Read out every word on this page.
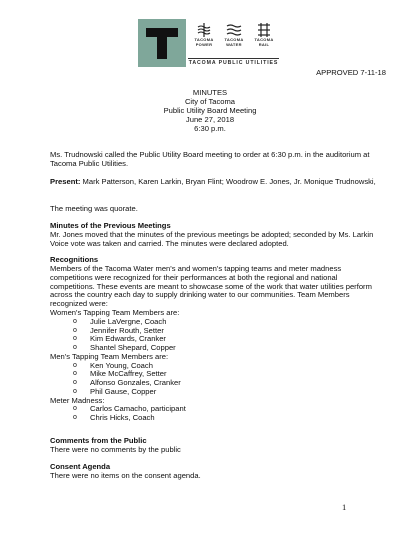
TACOMA
POWER
TACOMA
WATER
TACOMA
RAIL
TACOMA PUBLIC UTILITIES
APPROVED 7-11-18
MINUTES
City of Tacoma
Public Utility Board Meeting
June 27, 2018
6:30 p.m.
Ms. Trudnowski called the Public Utility Board meeting to order at 6:30 p.m. in the auditorium at Tacoma Public Utilities.
Present: Mark Patterson, Karen Larkin, Bryan Flint; Woodrow E. Jones, Jr. Monique Trudnowski,
The meeting was quorate.
Minutes of the Previous Meetings
Mr. Jones moved that the minutes of the previous meetings be adopted; seconded by Ms. Larkin Voice vote was taken and carried. The minutes were declared adopted.
Recognitions
Members of the Tacoma Water men's and women's tapping teams and meter madness competitions were recognized for their performances at both the regional and national competitions. These events are meant to showcase some of the work that water utilities perform across the country each day to supply drinking water to our communities. Team Members recognized were:
Women's Tapping Team Members are:
o Julie LaVergne, Coach
o Jennifer Routh, Setter
o Kim Edwards, Cranker
o Shantel Shepard, Copper
Men's Tapping Team Members are:
o Ken Young, Coach
o Mike McCaffrey, Setter
o Alfonso Gonzales, Cranker
o Phil Gause, Copper
Meter Madness:
o Carlos Camacho, participant
o Chris Hicks, Coach
Comments from the Public
There were no comments by the public
Consent Agenda
There were no items on the consent agenda.
1
